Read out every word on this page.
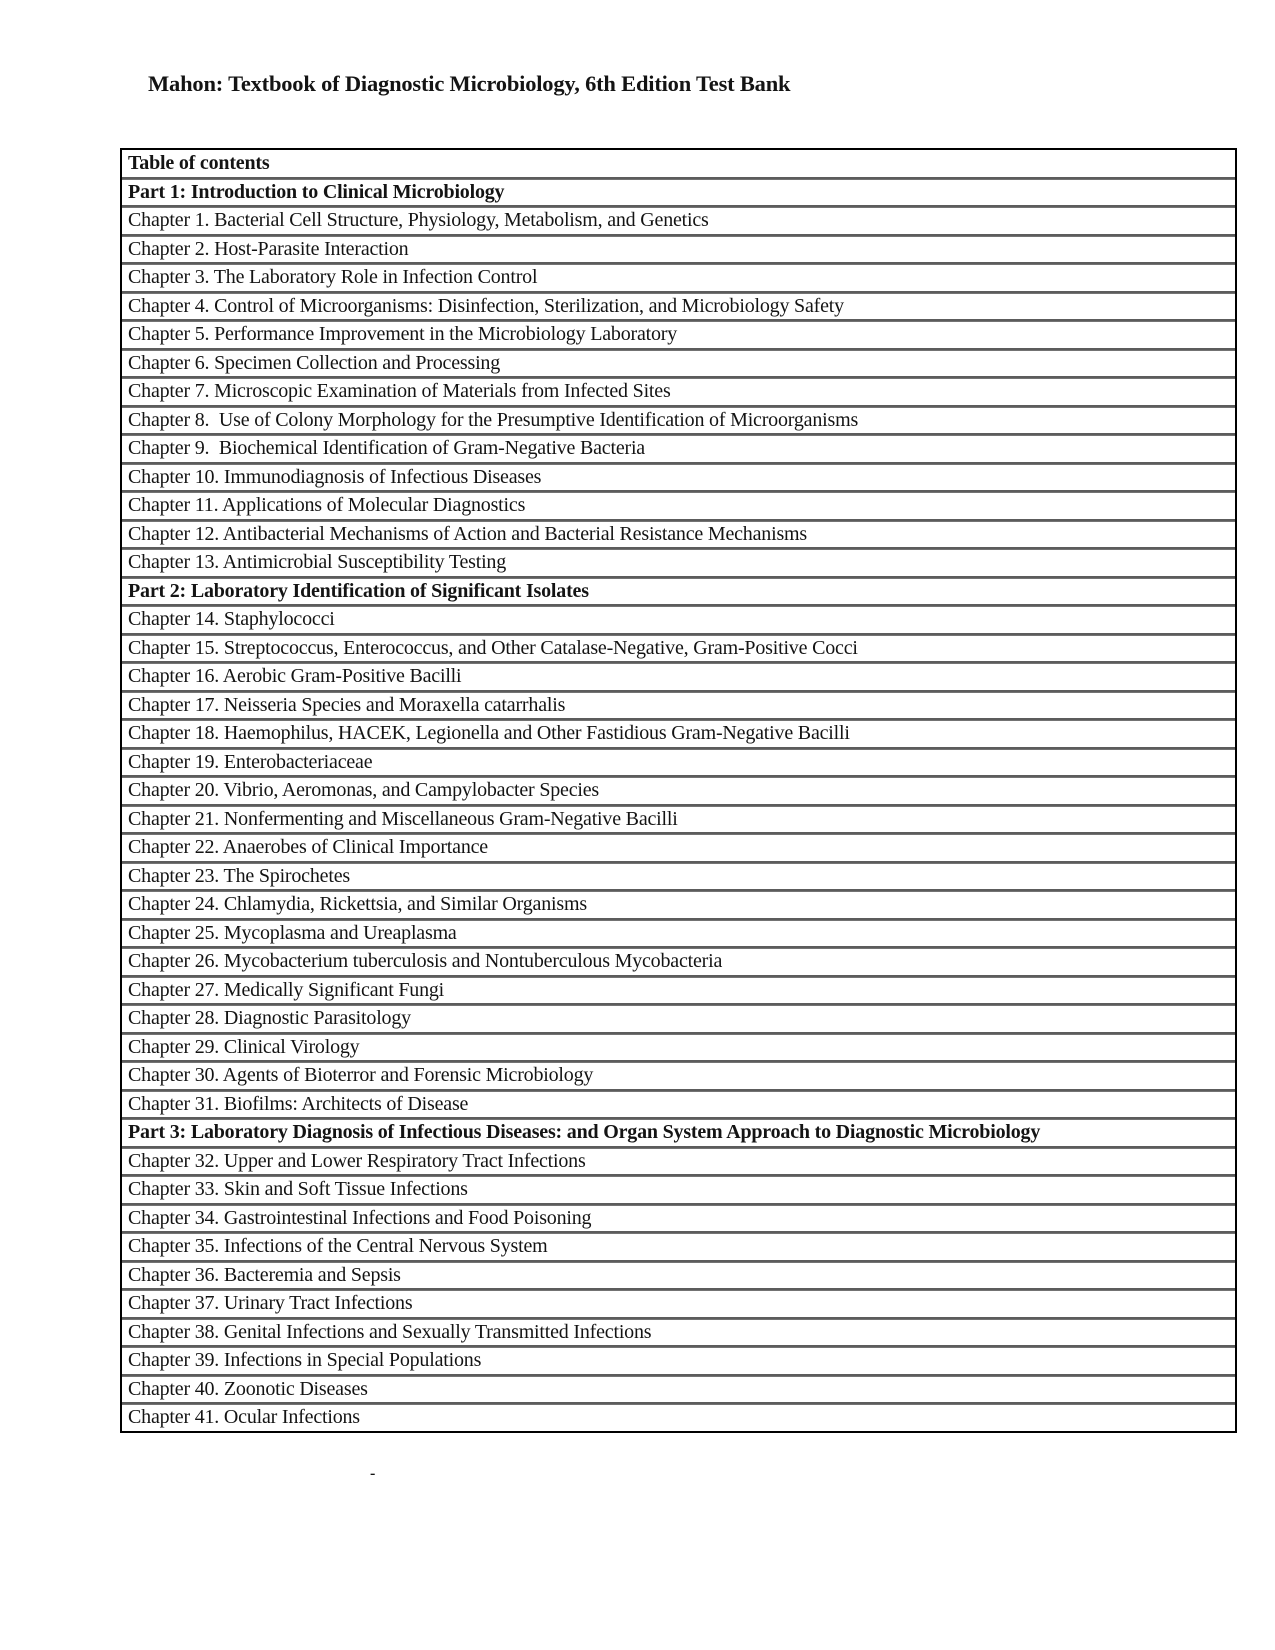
Mahon: Textbook of Diagnostic Microbiology, 6th Edition Test Bank
Table of contents
Part 1: Introduction to Clinical Microbiology
Chapter 1. Bacterial Cell Structure, Physiology, Metabolism, and Genetics
Chapter 2. Host-Parasite Interaction
Chapter 3. The Laboratory Role in Infection Control
Chapter 4. Control of Microorganisms: Disinfection, Sterilization, and Microbiology Safety
Chapter 5. Performance Improvement in the Microbiology Laboratory
Chapter 6. Specimen Collection and Processing
Chapter 7. Microscopic Examination of Materials from Infected Sites
Chapter 8.  Use of Colony Morphology for the Presumptive Identification of Microorganisms
Chapter 9.  Biochemical Identification of Gram-Negative Bacteria
Chapter 10. Immunodiagnosis of Infectious Diseases
Chapter 11. Applications of Molecular Diagnostics
Chapter 12. Antibacterial Mechanisms of Action and Bacterial Resistance Mechanisms
Chapter 13. Antimicrobial Susceptibility Testing
Part 2: Laboratory Identification of Significant Isolates
Chapter 14. Staphylococci
Chapter 15. Streptococcus, Enterococcus, and Other Catalase-Negative, Gram-Positive Cocci
Chapter 16. Aerobic Gram-Positive Bacilli
Chapter 17. Neisseria Species and Moraxella catarrhalis
Chapter 18. Haemophilus, HACEK, Legionella and Other Fastidious Gram-Negative Bacilli
Chapter 19. Enterobacteriaceae
Chapter 20. Vibrio, Aeromonas, and Campylobacter Species
Chapter 21. Nonfermenting and Miscellaneous Gram-Negative Bacilli
Chapter 22. Anaerobes of Clinical Importance
Chapter 23. The Spirochetes
Chapter 24. Chlamydia, Rickettsia, and Similar Organisms
Chapter 25. Mycoplasma and Ureaplasma
Chapter 26. Mycobacterium tuberculosis and Nontuberculous Mycobacteria
Chapter 27. Medically Significant Fungi
Chapter 28. Diagnostic Parasitology
Chapter 29. Clinical Virology
Chapter 30. Agents of Bioterror and Forensic Microbiology
Chapter 31. Biofilms: Architects of Disease
Part 3: Laboratory Diagnosis of Infectious Diseases: and Organ System Approach to Diagnostic Microbiology
Chapter 32. Upper and Lower Respiratory Tract Infections
Chapter 33. Skin and Soft Tissue Infections
Chapter 34. Gastrointestinal Infections and Food Poisoning
Chapter 35. Infections of the Central Nervous System
Chapter 36. Bacteremia and Sepsis
Chapter 37. Urinary Tract Infections
Chapter 38. Genital Infections and Sexually Transmitted Infections
Chapter 39. Infections in Special Populations
Chapter 40. Zoonotic Diseases
Chapter 41. Ocular Infections
-
